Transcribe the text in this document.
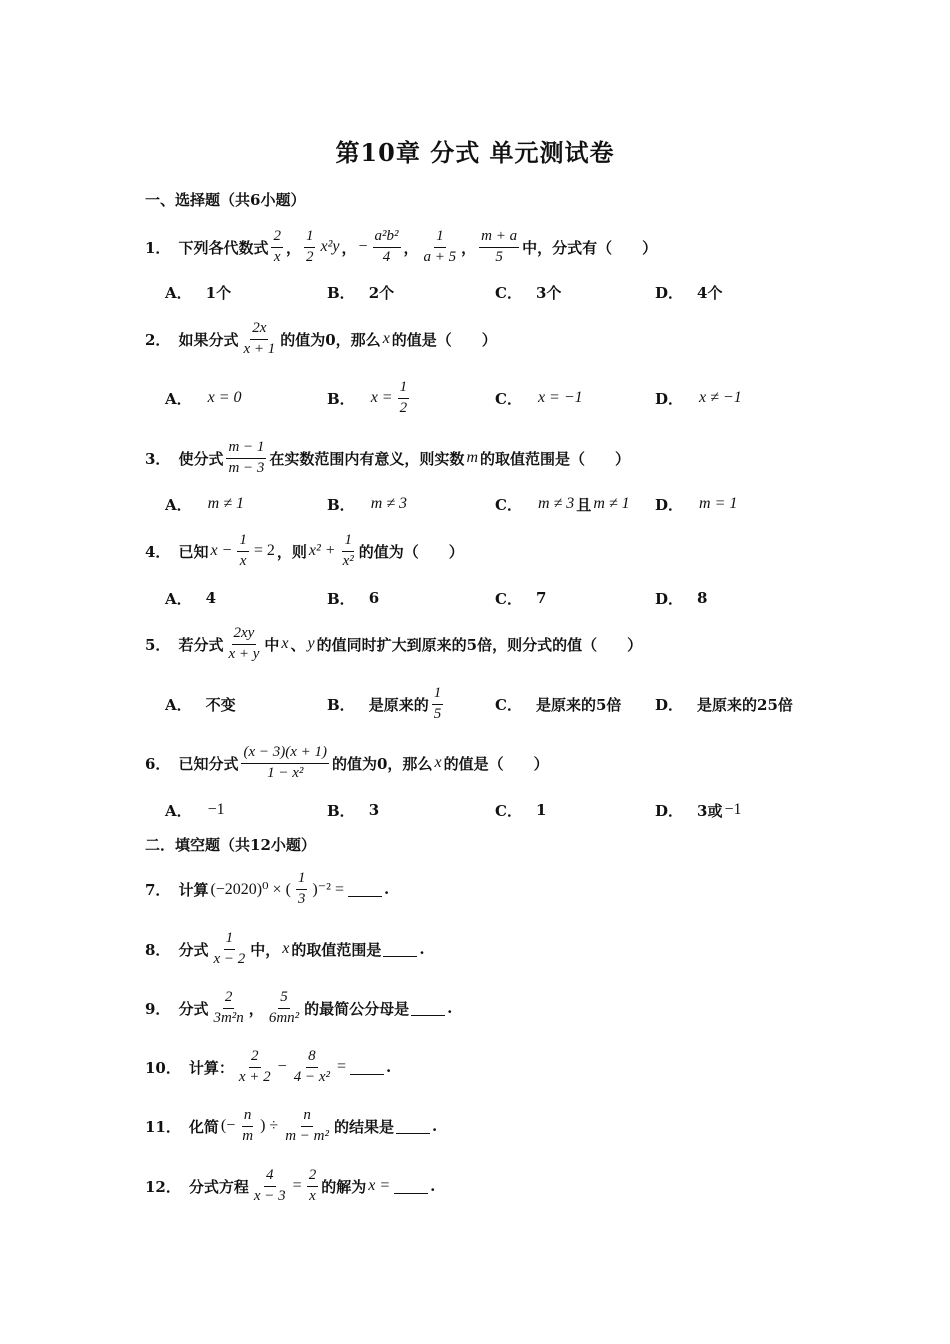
第10章 分式 单元测试卷
一、选择题（共6小题）
1． 下列各代数式 $\frac{2}{x}$ ， $\frac{1}{2} x^2y$ ， − $\frac{\text{a²b²}}{4}$ ， $\frac{1}{a + 5}$ ， $\frac{m + a}{5}$ 中，分式有（　　）
A． 1个	B． 2个	C． 3个	D． 4个
2． 如果分式 $\frac{2x}{x + 1}$ 的值为0，那么 x 的值是（　　）
A． x = 0	B． $x = \frac{1}{2}$	C． x = −1	D． x ≠ −1
3． 使分式 $\frac{m - 1}{m - 3}$ 在实数范围内有意义，则实数 m 的取值范围是（　　）
A． m ≠ 1	B． m ≠ 3	C． m ≠ 3 且 m ≠ 1 D． m = 1
4． 已知 $x - \frac{1}{x} = 2$ ，则 $x^2 + \frac{1}{\text{x²}}$ 的值为（　　）
A． 4	B． 6	C． 7	D． 8
5． 若分式 $\frac{2xy}{x + y}$ 中 x 、 y 的值同时扩大到原来的5倍，则分式的值（　　）
A． 不变	B． 是原来的 $\frac{1}{5}$	C． 是原来的5倍 D． 是原来的25倍
6． 已知分式 $\frac{(x - 3)(x + 1)}{\text{1 − x²}}$ 的值为0，那么 x 的值是（　　）
A． −1	B． 3	C． 1	D． 3或 −1
二．填空题（共12小题）
7． 计算 (−2020)⁰ × ( $\frac{1}{3} )^{-2}$ =	.
8． 分式 $\frac{1}{x - 2}$ 中， x 的取值范围是	.
9． 分式 $\frac{2}{\text{3m²n}}$ ， $\frac{5}{\text{6mn²}}$ 的最简公分母是	.
10． 计算： $\frac{2}{x + 2} - \frac{8}{\text{4 − x²}}$ =	.
11． 化简 (− $\frac{n}{m}$ ) ÷ $\frac{n}{\text{m − m²}}$ 的结果是	.
12． 分式方程 $\frac{4}{x - 3} = \frac{2}{x}$ 的解为 x =	.
